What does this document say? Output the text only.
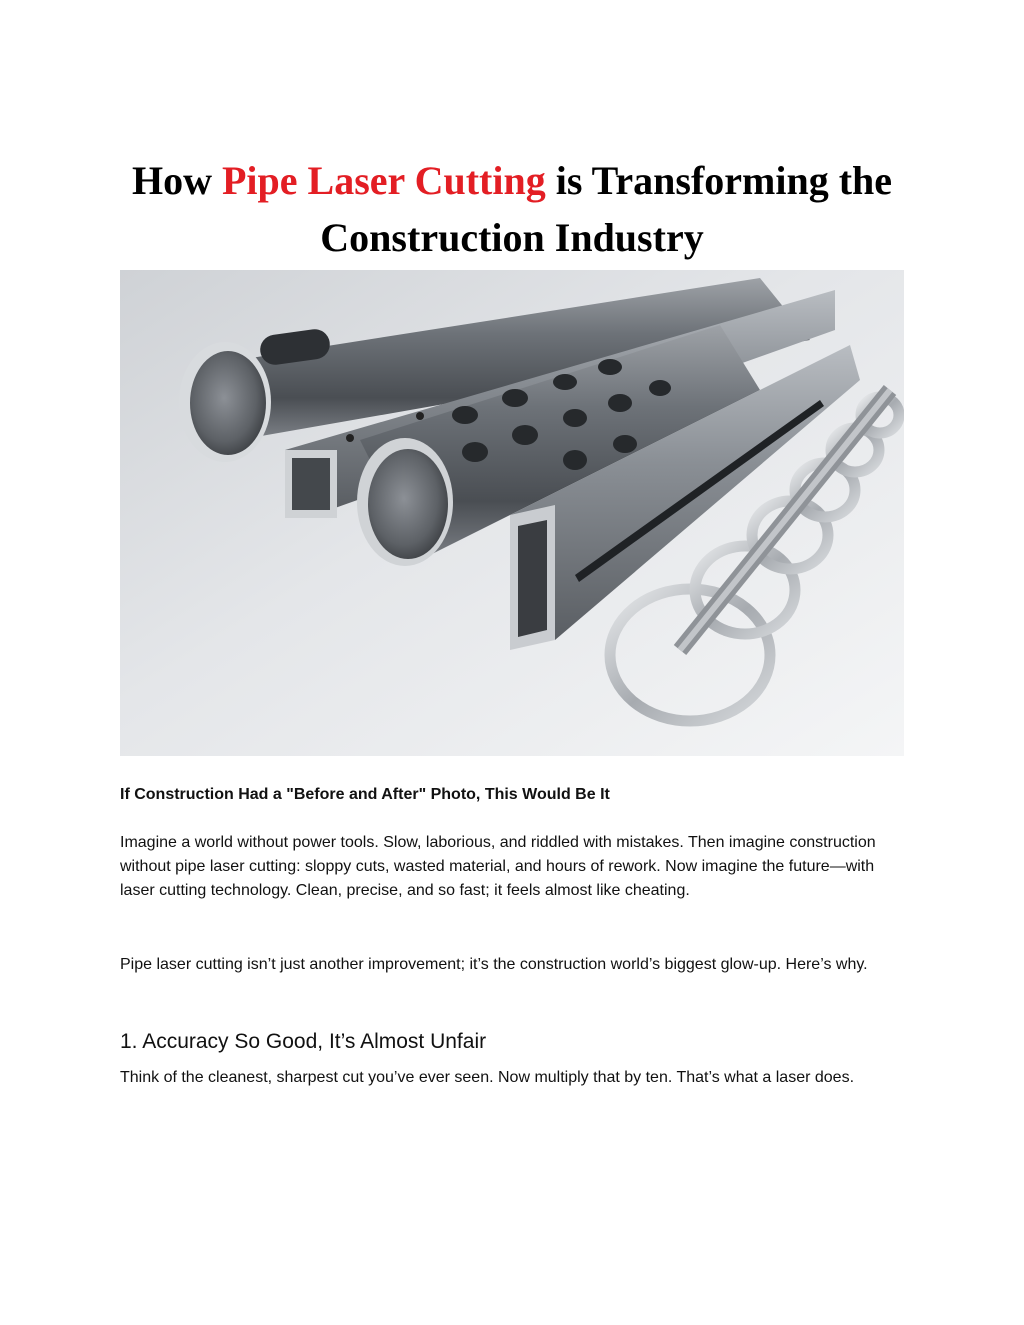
How Pipe Laser Cutting is Transforming the Construction Industry

If Construction Had a "Before and After" Photo, This Would Be It

Imagine a world without power tools. Slow, laborious, and riddled with mistakes. Then imagine construction without pipe laser cutting: sloppy cuts, wasted material, and hours of rework. Now imagine the future—with laser cutting technology. Clean, precise, and so fast; it feels almost like cheating.

Pipe laser cutting isn’t just another improvement; it’s the construction world’s biggest glow-up. Here’s why.

1. Accuracy So Good, It’s Almost Unfair

Think of the cleanest, sharpest cut you’ve ever seen. Now multiply that by ten. That’s what a laser does.
